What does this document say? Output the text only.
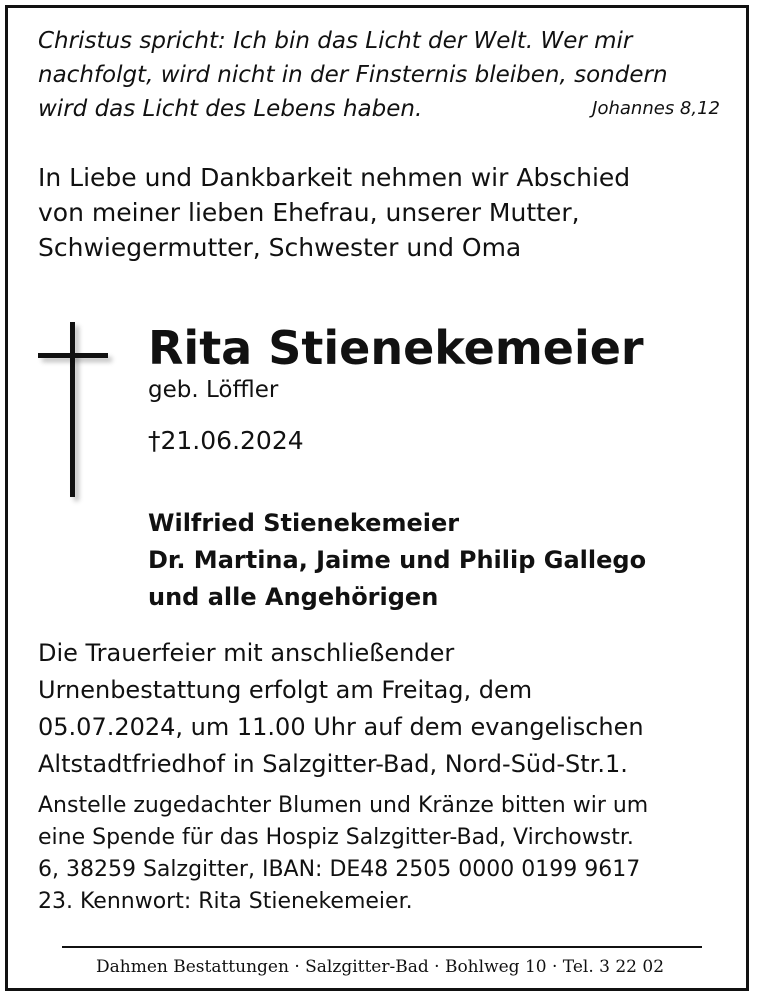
Christus spricht: Ich bin das Licht der Welt. Wer mir
nachfolgt, wird nicht in der Finsternis bleiben, sondern
wird das Licht des Lebens haben.	Johannes 8,12
In Liebe und Dankbarkeit nehmen wir Abschied
von meiner lieben Ehefrau, unserer Mutter,
Schwiegermutter, Schwester und Oma
Rita Stienekemeier
geb. Löffler
†21.06.2024
Wilfried Stienekemeier
Dr. Martina, Jaime und Philip Gallego
und alle Angehörigen
Die Trauerfeier mit anschließender
Urnenbestattung erfolgt am Freitag, dem
05.07.2024, um 11.00 Uhr auf dem evangelischen
Altstadtfriedhof in Salzgitter-Bad, Nord-Süd-Str.1.
Anstelle zugedachter Blumen und Kränze bitten wir um
eine Spende für das Hospiz Salzgitter-Bad, Virchowstr.
6, 38259 Salzgitter, IBAN: DE48 2505 0000 0199 9617
23. Kennwort: Rita Stienekemeier.
Dahmen Bestattungen · Salzgitter-Bad · Bohlweg 10 · Tel. 3 22 02
